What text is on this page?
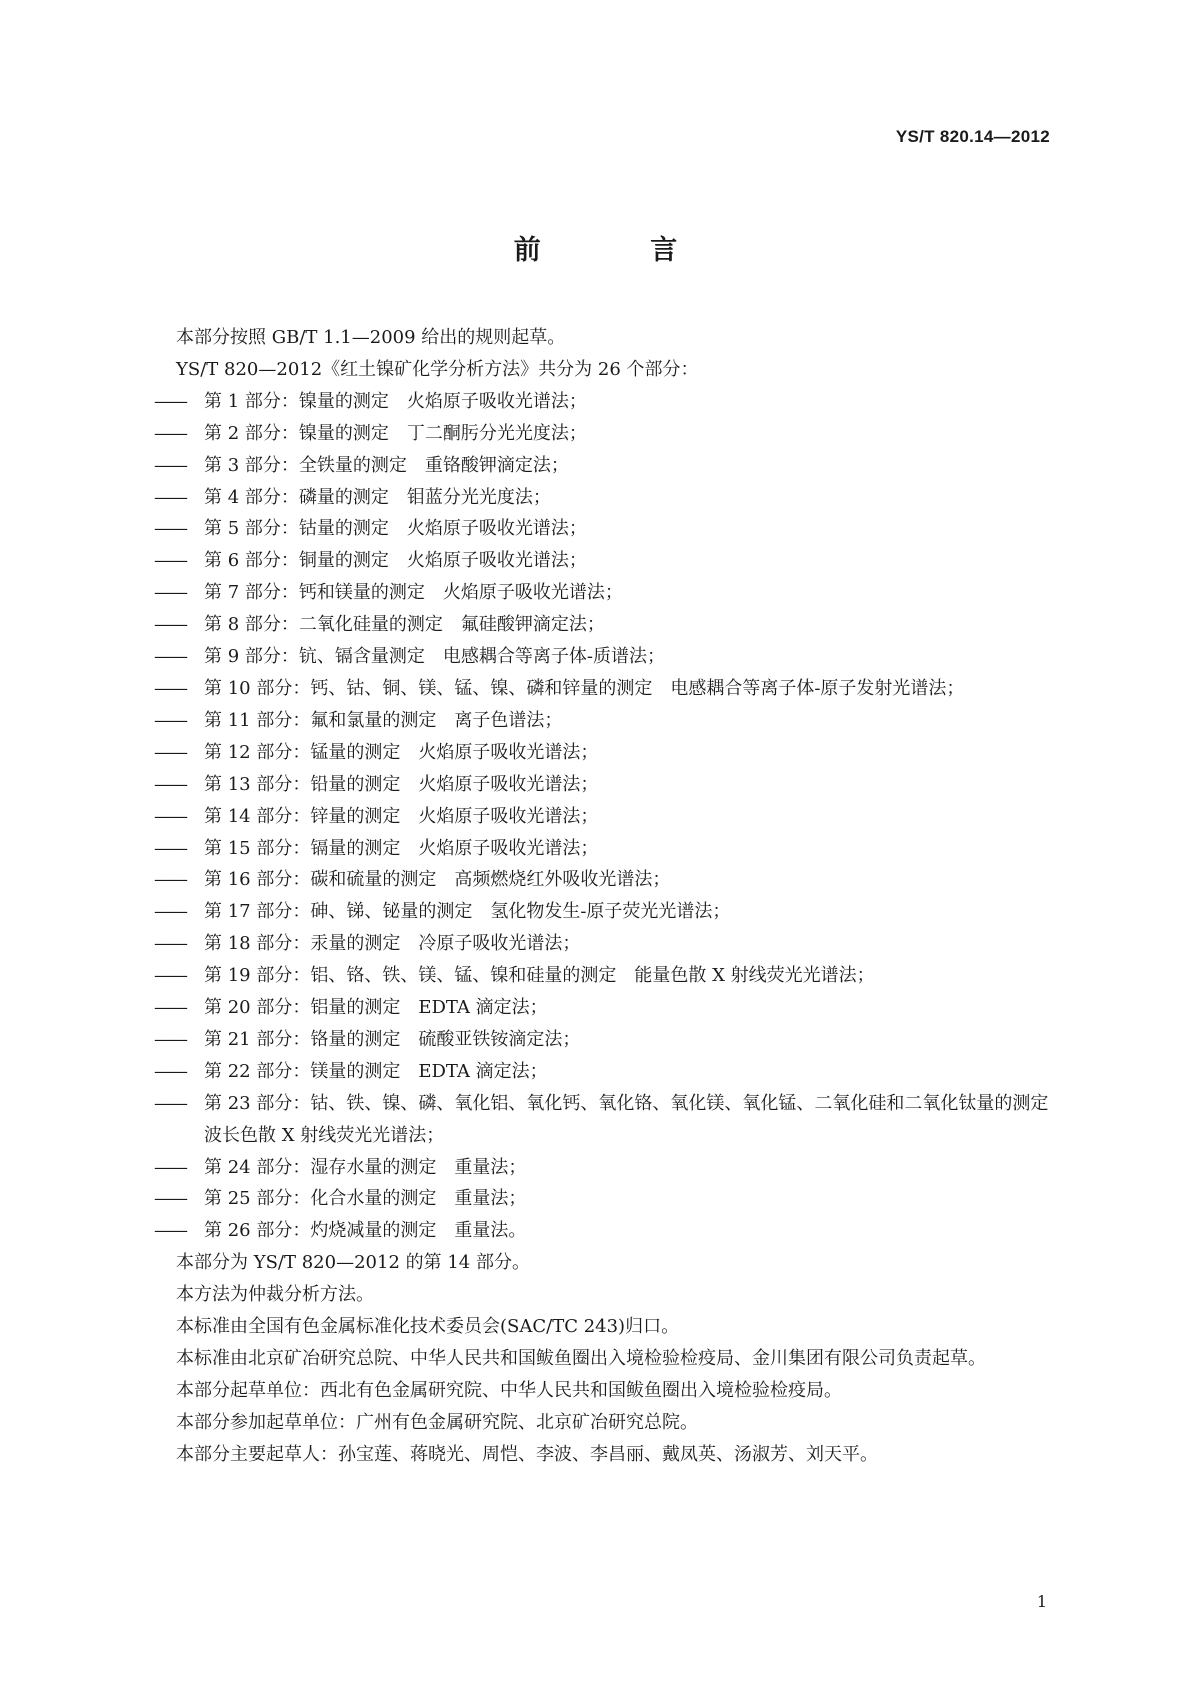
YS/T 820.14—2012
前 言

本部分按照 GB/T 1.1—2009 给出的规则起草。

YS/T 820—2012《红土镍矿化学分析方法》共分为 26 个部分：

—— 第 1 部分：镍量的测定　火焰原子吸收光谱法；

—— 第 2 部分：镍量的测定　丁二酮肟分光光度法；

—— 第 3 部分：全铁量的测定　重铬酸钾滴定法；

—— 第 4 部分：磷量的测定　钼蓝分光光度法；

—— 第 5 部分：钴量的测定　火焰原子吸收光谱法；

—— 第 6 部分：铜量的测定　火焰原子吸收光谱法；

—— 第 7 部分：钙和镁量的测定　火焰原子吸收光谱法；

—— 第 8 部分：二氧化硅量的测定　氟硅酸钾滴定法；

—— 第 9 部分：钪、镉含量测定　电感耦合等离子体-质谱法；

—— 第 10 部分：钙、钴、铜、镁、锰、镍、磷和锌量的测定　电感耦合等离子体-原子发射光谱法；

—— 第 11 部分：氟和氯量的测定　离子色谱法；

—— 第 12 部分：锰量的测定　火焰原子吸收光谱法；

—— 第 13 部分：铅量的测定　火焰原子吸收光谱法；

—— 第 14 部分：锌量的测定　火焰原子吸收光谱法；

—— 第 15 部分：镉量的测定　火焰原子吸收光谱法；

—— 第 16 部分：碳和硫量的测定　高频燃烧红外吸收光谱法；

—— 第 17 部分：砷、锑、铋量的测定　氢化物发生-原子荧光光谱法；

—— 第 18 部分：汞量的测定　冷原子吸收光谱法；

—— 第 19 部分：铝、铬、铁、镁、锰、镍和硅量的测定　能量色散 X 射线荧光光谱法；

—— 第 20 部分：铝量的测定　EDTA 滴定法；

—— 第 21 部分：铬量的测定　硫酸亚铁铵滴定法；

—— 第 22 部分：镁量的测定　EDTA 滴定法；

—— 第 23 部分：钴、铁、镍、磷、氧化铝、氧化钙、氧化铬、氧化镁、氧化锰、二氧化硅和二氧化钛量的测定　波长色散 X 射线荧光光谱法；

—— 第 24 部分：湿存水量的测定　重量法；

—— 第 25 部分：化合水量的测定　重量法；

—— 第 26 部分：灼烧减量的测定　重量法。

本部分为 YS/T 820—2012 的第 14 部分。

本方法为仲裁分析方法。

本标准由全国有色金属标准化技术委员会(SAC/TC 243)归口。

本标准由北京矿冶研究总院、中华人民共和国鲅鱼圈出入境检验检疫局、金川集团有限公司负责起草。

本部分起草单位：西北有色金属研究院、中华人民共和国鲅鱼圈出入境检验检疫局。

本部分参加起草单位：广州有色金属研究院、北京矿冶研究总院。

本部分主要起草人：孙宝莲、蒋晓光、周恺、李波、李昌丽、戴凤英、汤淑芳、刘天平。

1
